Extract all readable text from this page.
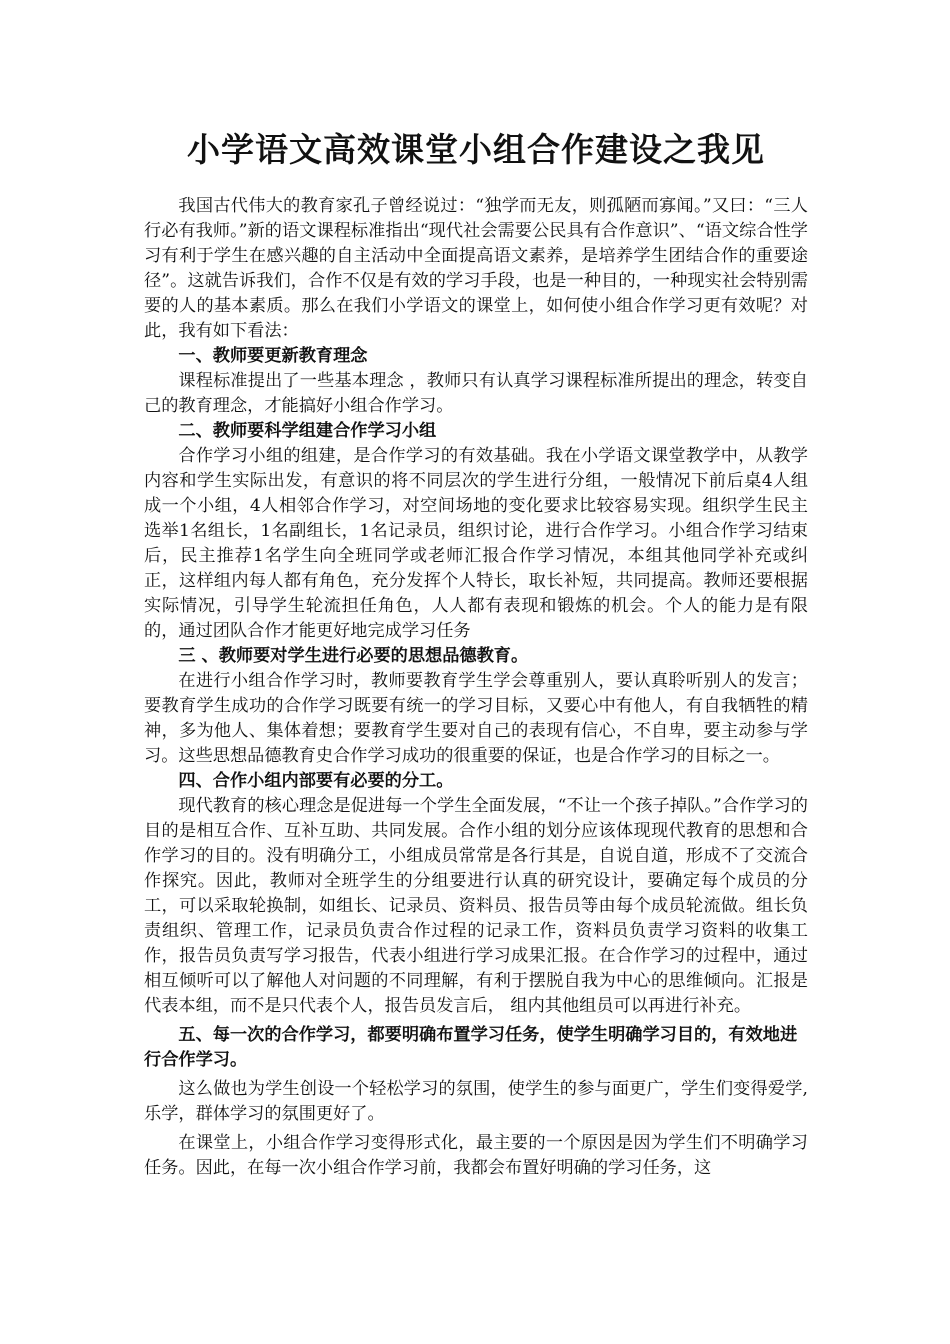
小学语文高效课堂小组合作建设之我见

我国古代伟大的教育家孔子曾经说过：“独学而无友，则孤陋而寡闻。”又曰：“三人行必有我师。”新的语文课程标准指出“现代社会需要公民具有合作意识”、“语文综合性学习有利于学生在感兴趣的自主活动中全面提高语文素养，是培养学生团结合作的重要途径”。这就告诉我们，合作不仅是有效的学习手段，也是一种目的，一种现实社会特别需要的人的基本素质。那么在我们小学语文的课堂上，如何使小组合作学习更有效呢？对此，我有如下看法：

一、教师要更新教育理念

课程标准提出了一些基本理念 ，教师只有认真学习课程标准所提出的理念，转变自己的教育理念，才能搞好小组合作学习。

二、教师要科学组建合作学习小组

合作学习小组的组建，是合作学习的有效基础。我在小学语文课堂教学中，从教学内容和学生实际出发，有意识的将不同层次的学生进行分组，一般情况下前后桌4人组成一个小组，4人相邻合作学习，对空间场地的变化要求比较容易实现。组织学生民主选举1名组长，1名副组长，1名记录员，组织讨论，进行合作学习。小组合作学习结束后，民主推荐1名学生向全班同学或老师汇报合作学习情况，本组其他同学补充或纠正，这样组内每人都有角色，充分发挥个人特长，取长补短，共同提高。教师还要根据实际情况，引导学生轮流担任角色，人人都有表现和锻炼的机会。个人的能力是有限的，通过团队合作才能更好地完成学习任务

三 、教师要对学生进行必要的思想品德教育。

在进行小组合作学习时，教师要教育学生学会尊重别人，要认真聆听别人的发言；要教育学生成功的合作学习既要有统一的学习目标，又要心中有他人，有自我牺牲的精神，多为他人、集体着想；要教育学生要对自己的表现有信心，不自卑，要主动参与学习。这些思想品德教育史合作学习成功的很重要的保证，也是合作学习的目标之一。

四、合作小组内部要有必要的分工。

现代教育的核心理念是促进每一个学生全面发展，“不让一个孩子掉队。”合作学习的目的是相互合作、互补互助、共同发展。合作小组的划分应该体现现代教育的思想和合作学习的目的。没有明确分工，小组成员常常是各行其是，自说自道，形成不了交流合作探究。因此，教师对全班学生的分组要进行认真的研究设计，要确定每个成员的分工，可以采取轮换制，如组长、记录员、资料员、报告员等由每个成员轮流做。组长负责组织、管理工作，记录员负责合作过程的记录工作，资料员负责学习资料的收集工作，报告员负责写学习报告，代表小组进行学习成果汇报。在合作学习的过程中，通过相互倾听可以了解他人对问题的不同理解，有利于摆脱自我为中心的思维倾向。汇报是代表本组，而不是只代表个人，报告员发言后， 组内其他组员可以再进行补充。

五、每一次的合作学习，都要明确布置学习任务，使学生明确学习目的，有效地进行合作学习。

这么做也为学生创设一个轻松学习的氛围，使学生的参与面更广，学生们变得爱学, 乐学，群体学习的氛围更好了。

在课堂上，小组合作学习变得形式化，最主要的一个原因是因为学生们不明确学习任务。因此，在每一次小组合作学习前，我都会布置好明确的学习任务，这
